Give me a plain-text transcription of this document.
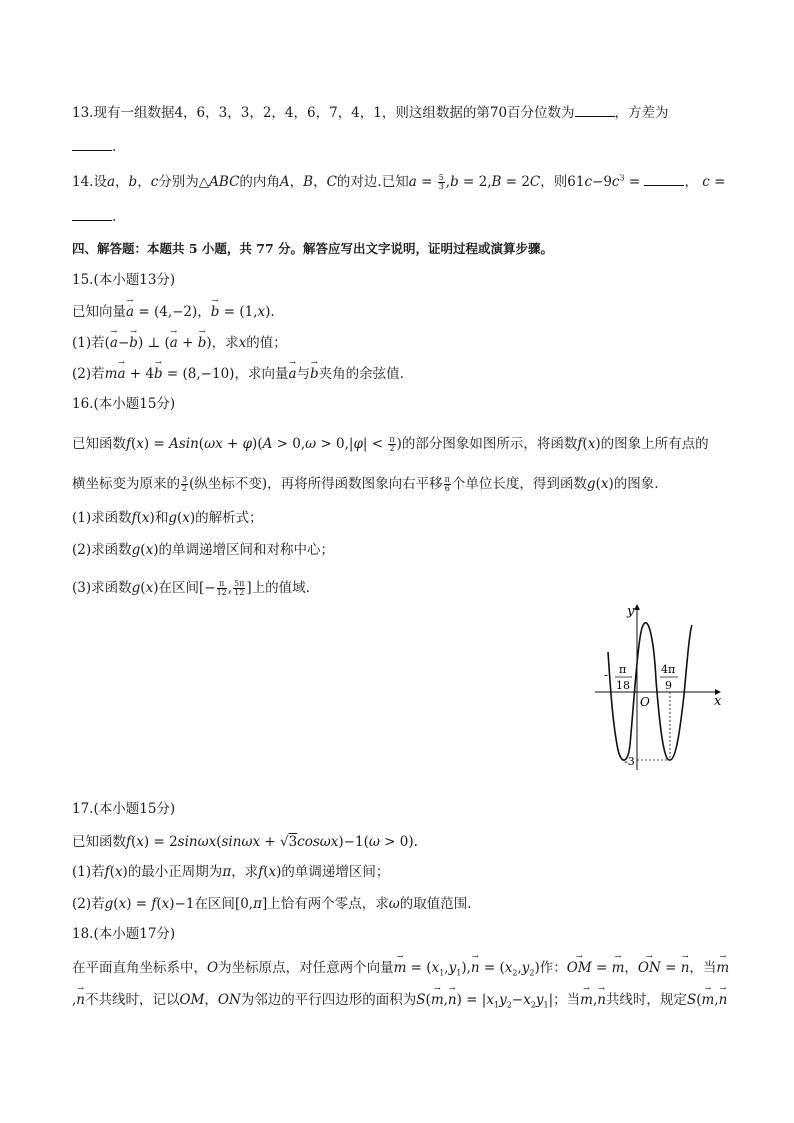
13.现有一组数据4，6，3，3，2，4，6，7，4，1，则这组数据的第70百分位数为	，方差为
.
14.设a，b，c分别为△ABC的内角A，B，C的对边.已知$a = \frac{5}{3} ,b = 2,B = 2C$，则$61c-9c^3$ =	， c =
.
四、解答题：本题共 5 小题，共 77 分。解答应写出文字说明，证明过程或演算步骤。
15.(本小题13分)
已知向量→ a = (4,−2)，→ b = (1,x).
(1)若(→ a−→ b) ⊥ (→ a + → b)，求x的值；
(2)若m→ a + 4→ b = (8,−10)，求向量→ a与→ b夹角的余弦值.
16.(本小题15分)
已知函数$f(x) = Asin(\omega x + \varphi)(A > 0,\omega > 0,|\varphi| < \frac{\pi}{2}$ )的部分图象如图所示，将函数f(x)的图象上所有点的
横坐标变为原来的 $\frac{3}{2}$ (纵坐标不变)，再将所得函数图象向右平移 $\frac{\pi}{6}$ 个单位长度，得到函数g(x)的图象.
(1)求函数f(x)和g(x)的解析式；
(2)求函数g(x)的单调递增区间和对称中心；
(3)求函数g(x)在区间[− $\frac{\pi}{12}$ , $\frac{5\pi}{12}$ ]上的值域.
y
x
O
- π
18
4π
9
-3
17.(本小题15分)
已知函数f(x) = 2sinωx(sinωx + √3cosωx)−1(ω > 0).
(1)若f(x)的最小正周期为π，求f(x)的单调递增区间；
(2)若g(x) = f(x)−1在区间[0,π]上恰有两个零点，求ω的取值范围.
18.(本小题17分)
在平面直角坐标系中，O为坐标原点，对任意两个向量→ $m = (x_1,y_1),\to n = (x_2,y_2)$作：→ OM = → m，→ ON = → n，当→ m
,→ n不共线时，记以OM，ON为邻边的平行四边形的面积为$S(\to m,\to n) = |x_1y_2-x_2y_1|$；当→ m,→ n共线时，规定S(→ m,→ n
